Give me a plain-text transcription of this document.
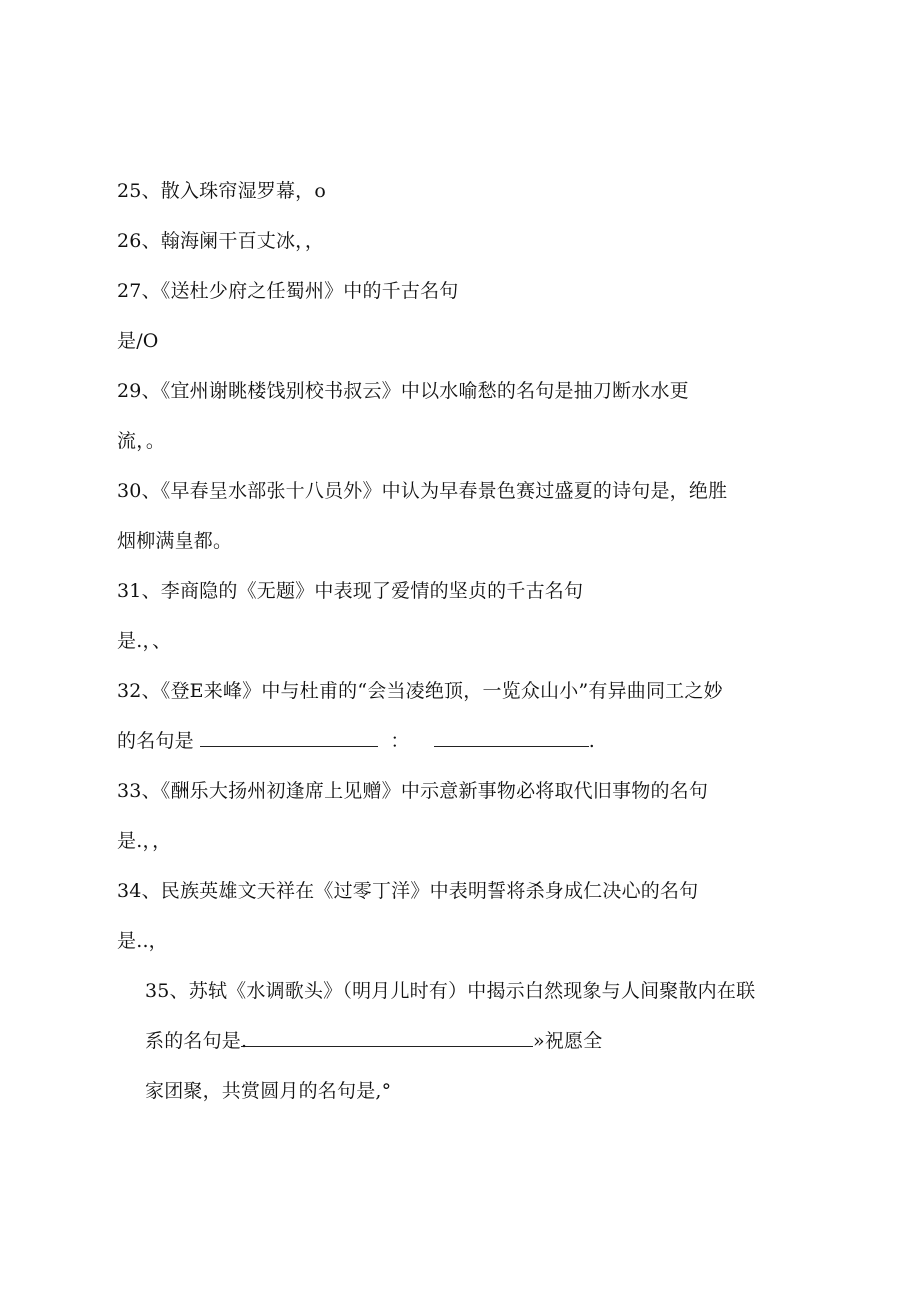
25、散入珠帘湿罗幕，o
26、翰海阑干百丈冰，，
27、《送杜少府之任蜀州》中的千古名句
是/O
29、《宜州谢眺楼饯别校书叔云》中以水喻愁的名句是抽刀断水水更
流，。
30、《早春呈水部张十八员外》中认为早春景色赛过盛夏的诗句是，绝胜
烟柳满皇都。
31、李商隐的《无题》中表现了爱情的坚贞的千古名句
是.，、
32、《登E来峰》中与杜甫的“会当凌绝顶，一览众山小”有异曲同工之妙
的名句是	：	.
33、《酬乐大扬州初逢席上见赠》中示意新事物必将取代旧事物的名句
是.，，
34、民族英雄文天祥在《过零丁洋》中表明誓将杀身成仁决心的名句
是..，
35、苏轼《水调歌头》（明月儿时有）中揭示白然现象与人间聚散内在联
系的名句是.	»祝愿全
家团聚，共赏圆月的名句是,°
